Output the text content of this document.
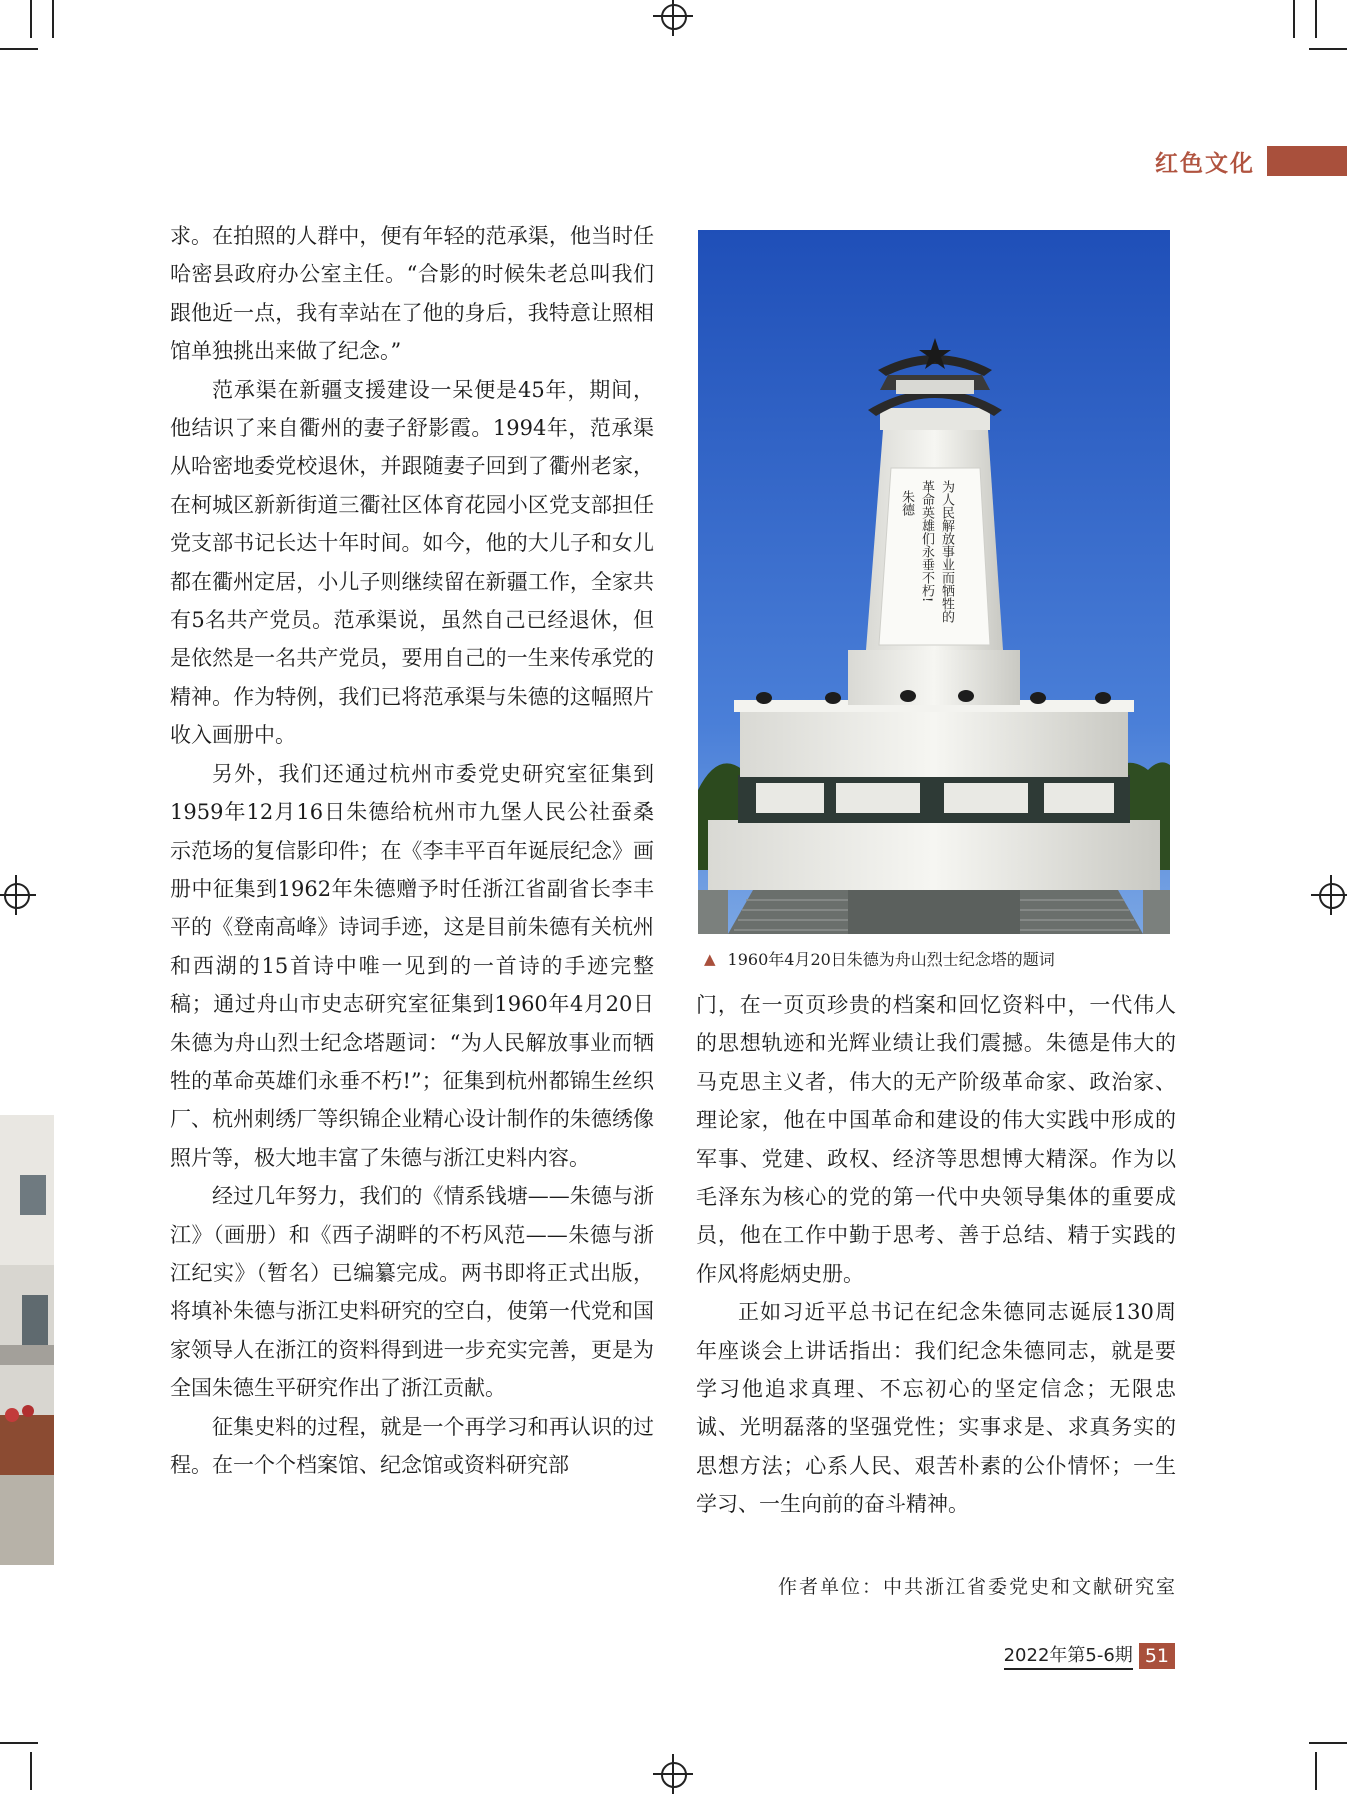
红色文化

求。在拍照的人群中，便有年轻的范承渠，他当时任哈密县政府办公室主任。“合影的时候朱老总叫我们跟他近一点，我有幸站在了他的身后，我特意让照相馆单独挑出来做了纪念。”

范承渠在新疆支援建设一呆便是45年，期间，他结识了来自衢州的妻子舒影霞。1994年，范承渠从哈密地委党校退休，并跟随妻子回到了衢州老家，在柯城区新新街道三衢社区体育花园小区党支部担任党支部书记长达十年时间。如今，他的大儿子和女儿都在衢州定居，小儿子则继续留在新疆工作，全家共有5名共产党员。范承渠说，虽然自己已经退休，但是依然是一名共产党员，要用自己的一生来传承党的精神。作为特例，我们已将范承渠与朱德的这幅照片收入画册中。

另外，我们还通过杭州市委党史研究室征集到1959年12月16日朱德给杭州市九堡人民公社蚕桑示范场的复信影印件；在《李丰平百年诞辰纪念》画册中征集到1962年朱德赠予时任浙江省副省长李丰平的《登南高峰》诗词手迹，这是目前朱德有关杭州和西湖的15首诗中唯一见到的一首诗的手迹完整稿；通过舟山市史志研究室征集到1960年4月20日朱德为舟山烈士纪念塔题词：“为人民解放事业而牺牲的革命英雄们永垂不朽!”；征集到杭州都锦生丝织厂、杭州刺绣厂等织锦企业精心设计制作的朱德绣像照片等，极大地丰富了朱德与浙江史料内容。

经过几年努力，我们的《情系钱塘——朱德与浙江》（画册）和《西子湖畔的不朽风范——朱德与浙江纪实》（暂名）已编纂完成。两书即将正式出版，将填补朱德与浙江史料研究的空白，使第一代党和国家领导人在浙江的资料得到进一步充实完善，更是为全国朱德生平研究作出了浙江贡献。

征集史料的过程，就是一个再学习和再认识的过程。在一个个档案馆、纪念馆或资料研究部

为人民解放事业而牺牲的
革命英雄们永垂不朽!
朱德
▲ 1960年4月20日朱德为舟山烈士纪念塔的题词

门，在一页页珍贵的档案和回忆资料中，一代伟人的思想轨迹和光辉业绩让我们震撼。朱德是伟大的马克思主义者，伟大的无产阶级革命家、政治家、理论家，他在中国革命和建设的伟大实践中形成的军事、党建、政权、经济等思想博大精深。作为以毛泽东为核心的党的第一代中央领导集体的重要成员，他在工作中勤于思考、善于总结、精于实践的作风将彪炳史册。

正如习近平总书记在纪念朱德同志诞辰130周年座谈会上讲话指出：我们纪念朱德同志，就是要学习他追求真理、不忘初心的坚定信念；无限忠诚、光明磊落的坚强党性；实事求是、求真务实的思想方法；心系人民、艰苦朴素的公仆情怀；一生学习、一生向前的奋斗精神。

作者单位：中共浙江省委党史和文献研究室
2022年第5-6期 51
